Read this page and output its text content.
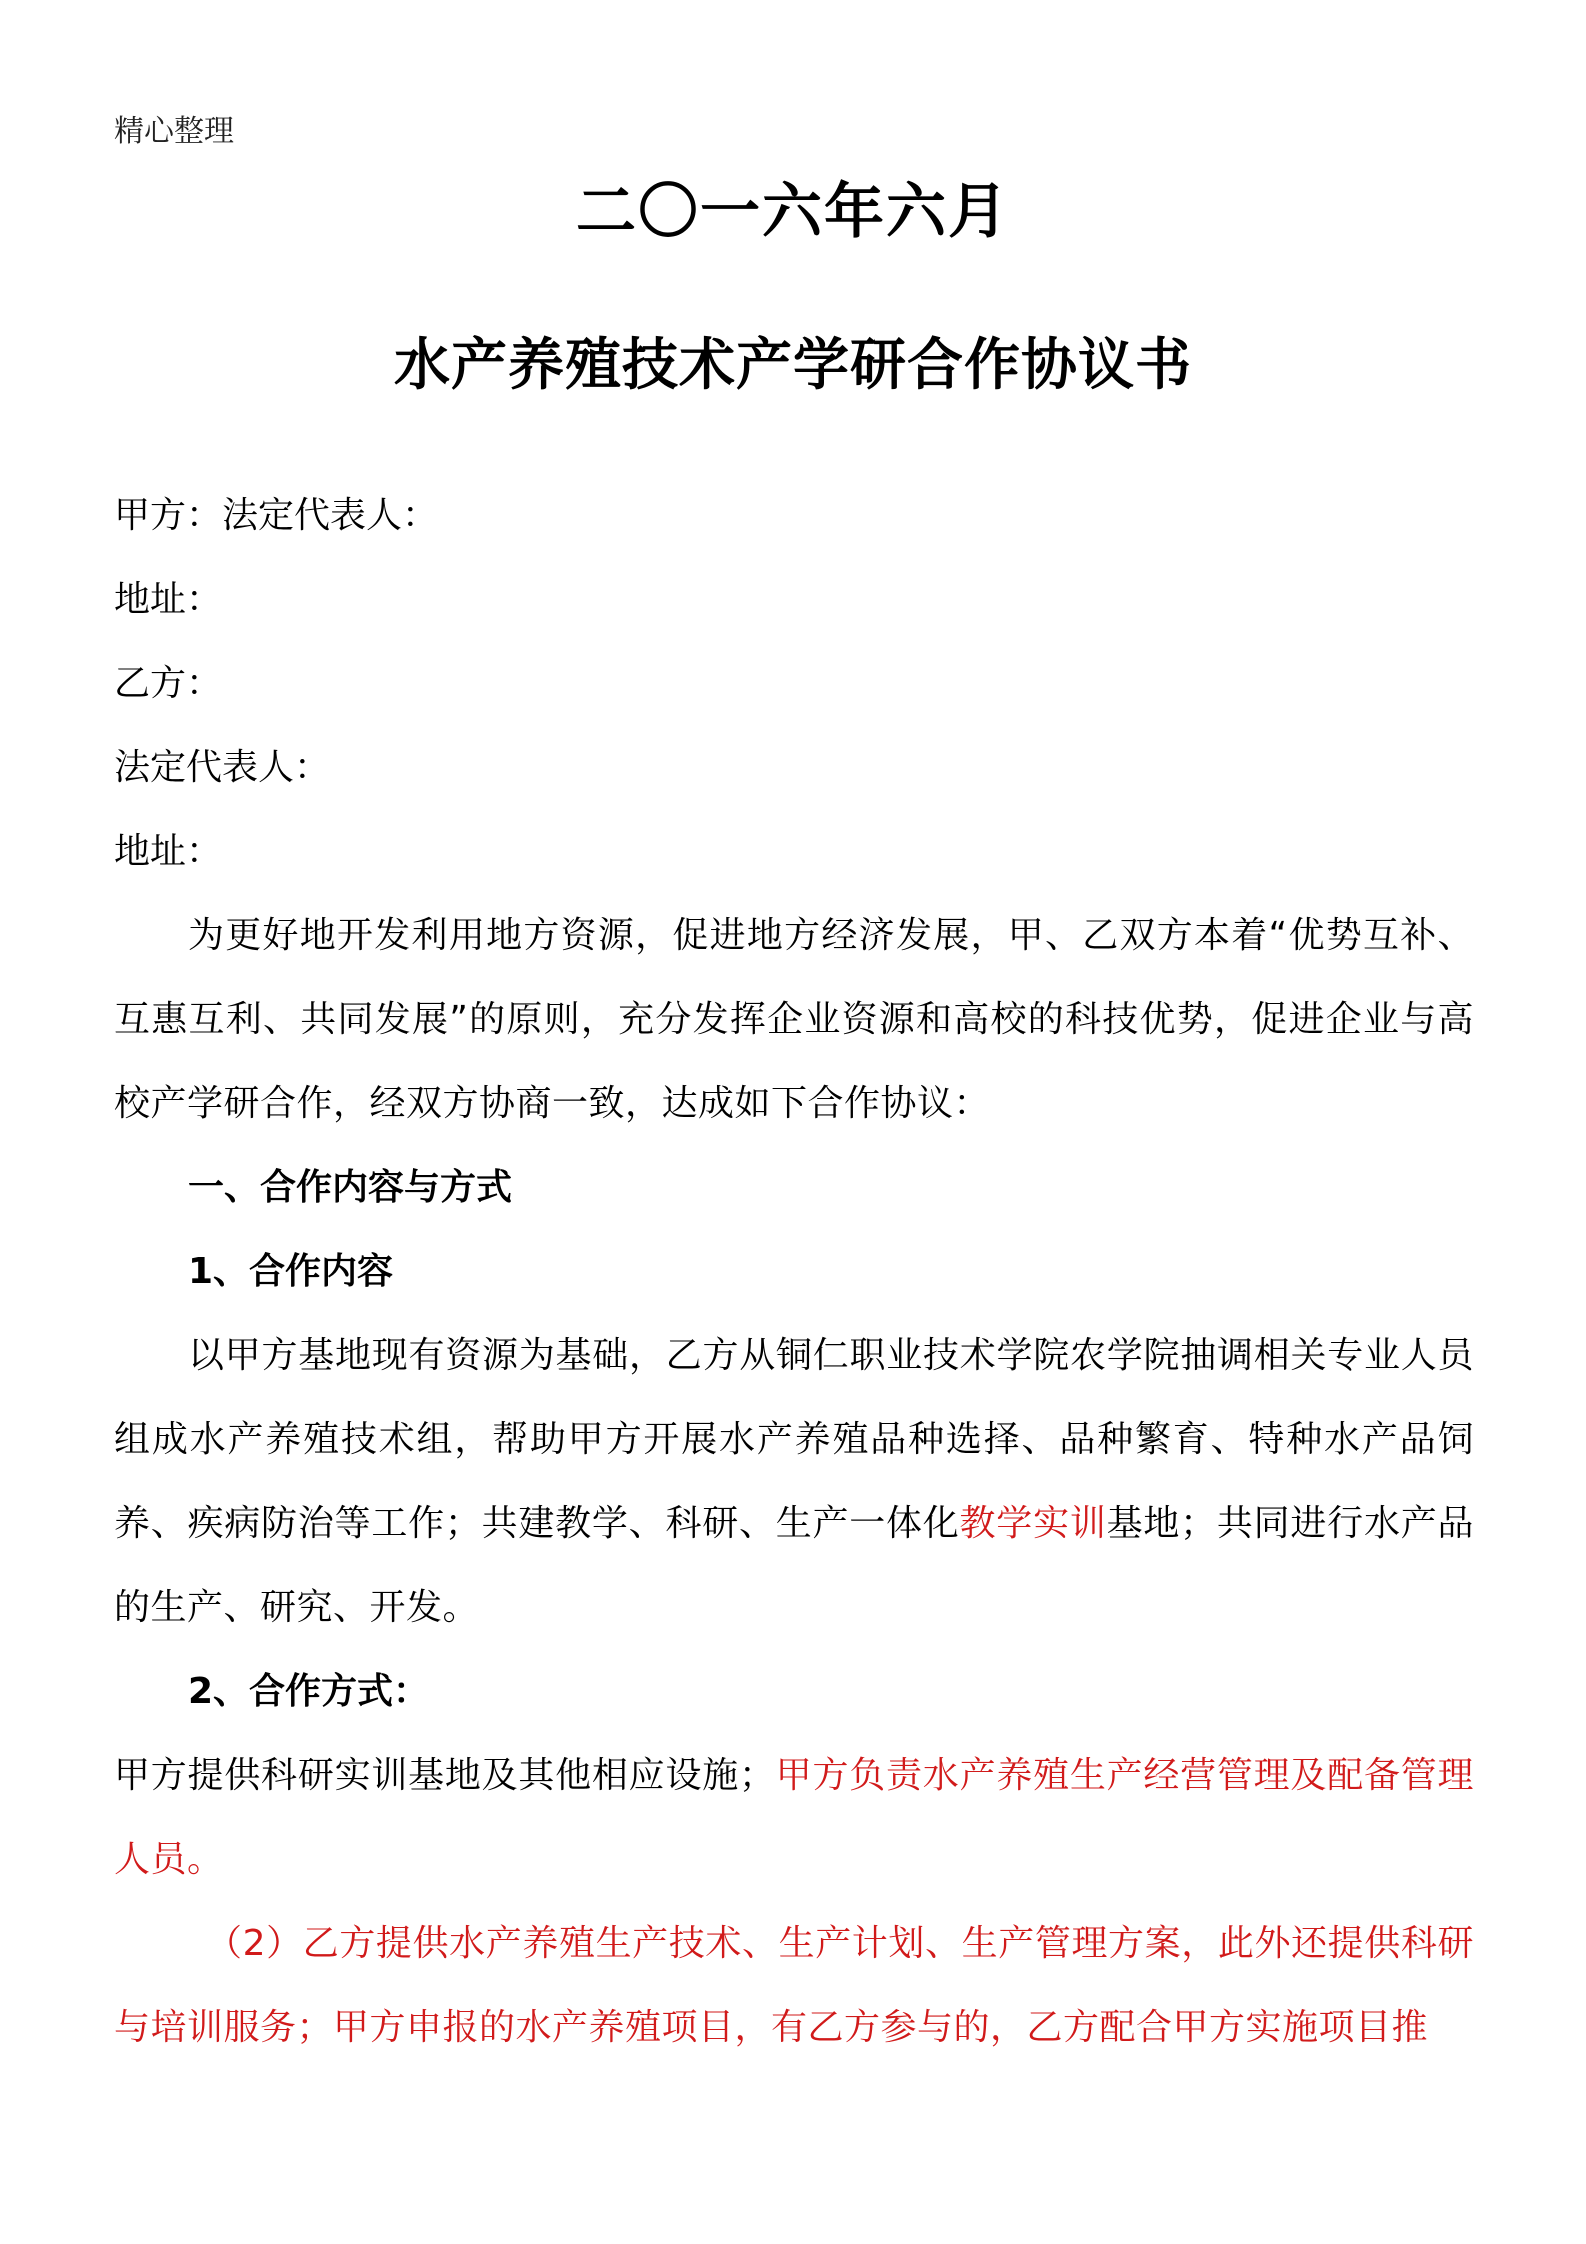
精心整理
二〇一六年六月
水产养殖技术产学研合作协议书

甲方：法定代表人：

地址：

乙方：

法定代表人：

地址：

为更好地开发利用地方资源，促进地方经济发展，甲、乙双方本着“优势互补、互惠互利、共同发展”的原则，充分发挥企业资源和高校的科技优势，促进企业与高校产学研合作，经双方协商一致，达成如下合作协议：

一、合作内容与方式

1、合作内容

以甲方基地现有资源为基础，乙方从铜仁职业技术学院农学院抽调相关专业人员组成水产养殖技术组，帮助甲方开展水产养殖品种选择、品种繁育、特种水产品饲养、疾病防治等工作；共建教学、科研、生产一体化教学实训基地；共同进行水产品的生产、研究、开发。

2、合作方式：

甲方提供科研实训基地及其他相应设施；甲方负责水产养殖生产经营管理及配备管理人员。

（2）乙方提供水产养殖生产技术、生产计划、生产管理方案，此外还提供科研与培训服务；甲方申报的水产养殖项目，有乙方参与的，乙方配合甲方实施项目推
